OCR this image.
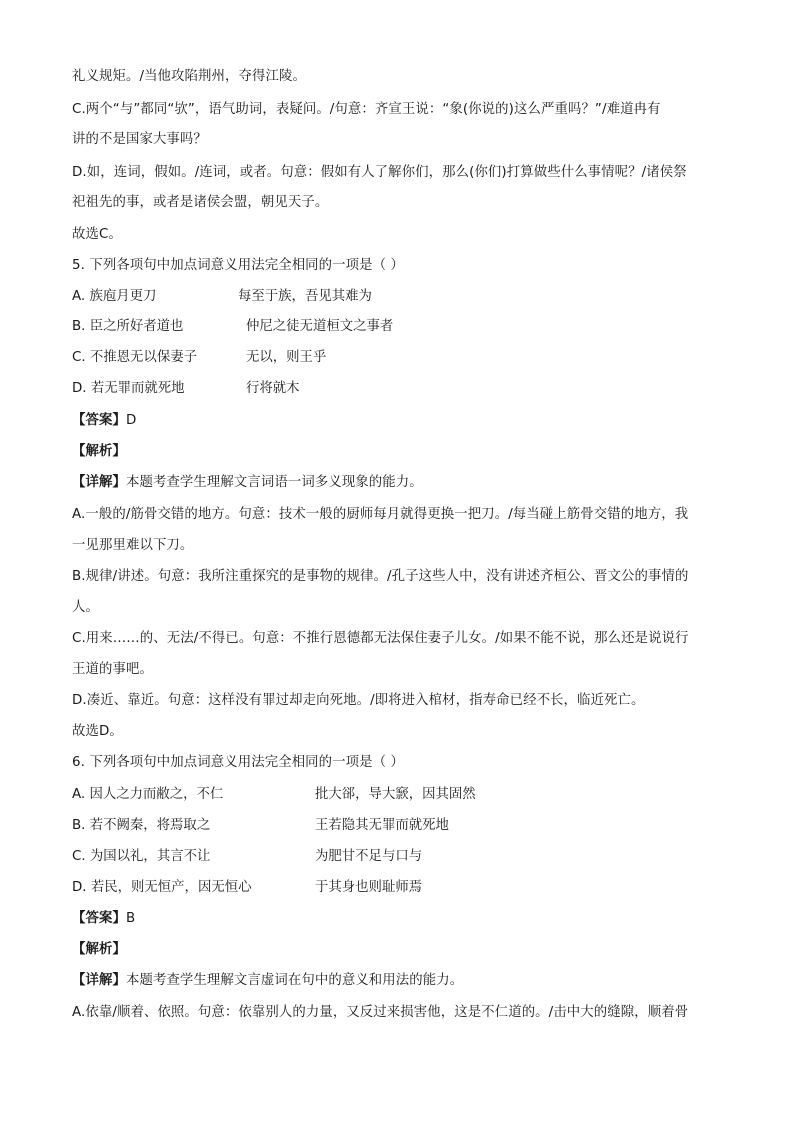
礼义规矩。/当他攻陷荆州，夺得江陵。
C.两个“与”都同“欤”，语气助词，表疑问。/句意：齐宣王说：“象(你说的)这么严重吗？”/难道冉有
讲的不是国家大事吗？
D.如，连词，假如。/连词，或者。句意：假如有人了解你们，那么(你们)打算做些什么事情呢？/诸侯祭
祀祖先的事，或者是诸侯会盟，朝见天子。
故选C。
5. 下列各项句中加点词意义用法完全相同的一项是（ ）
A. 族庖月更刀	每至于族，吾见其难为
B. 臣之所好者道也	仲尼之徒无道桓文之事者
C. 不推恩无以保妻子	无以，则王乎
D. 若无罪而就死地	行将就木
【答案】D
【解析】
【详解】本题考查学生理解文言词语一词多义现象的能力。
A.一般的/筋骨交错的地方。句意：技术一般的厨师每月就得更换一把刀。/每当碰上筋骨交错的地方，我
一见那里难以下刀。
B.规律/讲述。句意：我所注重探究的是事物的规律。/孔子这些人中，没有讲述齐桓公、晋文公的事情的
人。
C.用来……的、无法/不得已。句意：不推行恩德都无法保住妻子儿女。/如果不能不说，那么还是说说行
王道的事吧。
D.凑近、靠近。句意：这样没有罪过却走向死地。/即将进入棺材，指寿命已经不长，临近死亡。
故选D。
6. 下列各项句中加点词意义用法完全相同的一项是（ ）
A. 因人之力而敝之，不仁	批大郤，导大窾，因其固然
B. 若不阙秦，将焉取之	王若隐其无罪而就死地
C. 为国以礼，其言不让	为肥甘不足与口与
D. 若民，则无恒产，因无恒心	于其身也则耻师焉
【答案】B
【解析】
【详解】本题考查学生理解文言虚词在句中的意义和用法的能力。
A.依靠/顺着、依照。句意：依靠别人的力量，又反过来损害他，这是不仁道的。/击中大的缝隙，顺着骨
